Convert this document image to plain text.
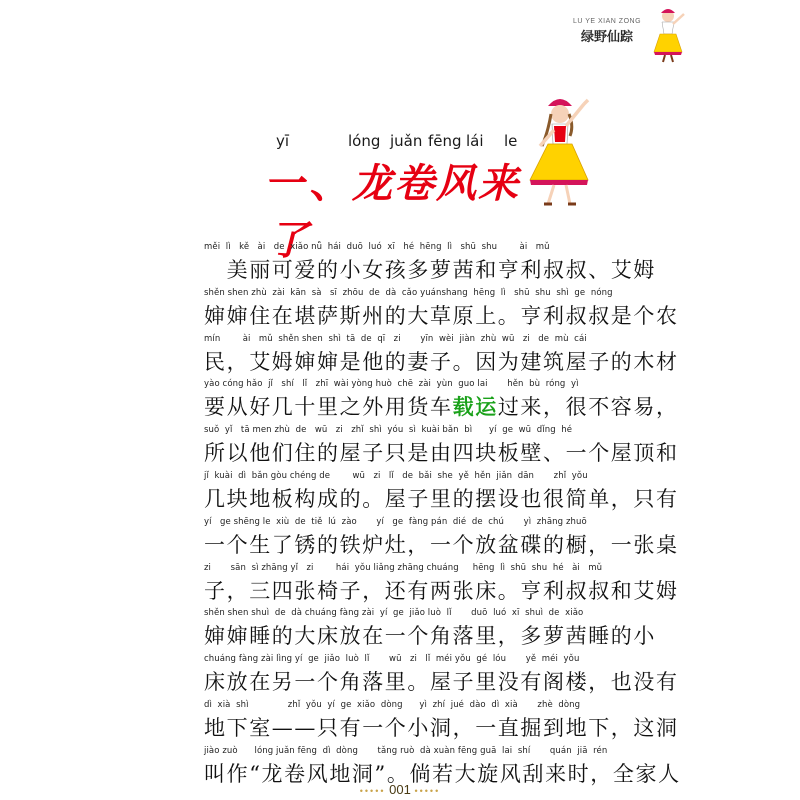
LU YE XIAN ZONG
绿野仙踪
yī	lóng juǎn fēng lái le
一、龙卷风来了
měi  lì   kě   ài   de  xiǎo nǚ  hái  duō  luó  xī   hé  hēng  lì   shū  shu        ài   mǔ
　美丽可爱的小女孩多萝茜和亨利叔叔、艾姆
shěn shen zhù  zài  kān  sà   sī  zhōu  de  dà  cǎo yuánshang  hēng  lì   shū  shu  shì  ge  nóng
婶婶住在堪萨斯州的大草原上。亨利叔叔是个农
mín        ài   mǔ  shěn shen  shì  tā  de  qī   zi       yīn  wèi  jiàn  zhù  wū   zi   de  mù  cái
民，艾姆婶婶是他的妻子。因为建筑屋子的木材
yào cóng hǎo  jǐ   shí   lǐ   zhī  wài yòng huò  chē  zài  yùn  guo lai       hěn  bù  róng  yì
要从好几十里之外用货车载运过来，很不容易，
suǒ  yǐ   tā men zhù  de   wū   zi   zhǐ  shì  yóu  sì  kuài bǎn  bì      yí  ge  wū  dǐng  hé
所以他们住的屋子只是由四块板壁、一个屋顶和
jǐ  kuài  dì  bǎn gòu chéng de        wū   zi   lǐ   de  bǎi  she  yě  hěn  jiǎn  dān       zhǐ  yǒu
几块地板构成的。屋子里的摆设也很简单，只有
yí   ge shēng le  xiù  de  tiě  lú  zào       yí   ge  fàng pán  dié  de  chú       yì  zhāng zhuō
一个生了锈的铁炉灶，一个放盆碟的橱，一张桌
zi       sān  sì zhāng yǐ   zi        hái  yǒu liǎng zhāng chuáng     hēng  lì  shū  shu  hé   ài   mǔ
子，三四张椅子，还有两张床。亨利叔叔和艾姆
shěn shen shuì  de  dà chuáng fàng zài  yí  ge  jiǎo luò  lǐ       duō  luó  xī  shuì  de  xiǎo
婶婶睡的大床放在一个角落里，多萝茜睡的小
chuáng fàng zài lìng yí  ge  jiǎo  luò  lǐ       wū   zi   lǐ  méi yǒu  gé  lóu       yě  méi  yǒu
床放在另一个角落里。屋子里没有阁楼，也没有
dì  xià  shì              zhǐ  yǒu  yí  ge  xiǎo  dòng      yì  zhí  jué  dào  dì  xià       zhè  dòng
地下室——只有一个小洞，一直掘到地下，这洞
jiào zuò      lóng juǎn fēng  dì  dòng       tǎng ruò  dà xuàn fēng guā  lai  shí       quán  jiā  rén
叫作“龙卷风地洞”。倘若大旋风刮来时，全家人
••••• 001 •••••
